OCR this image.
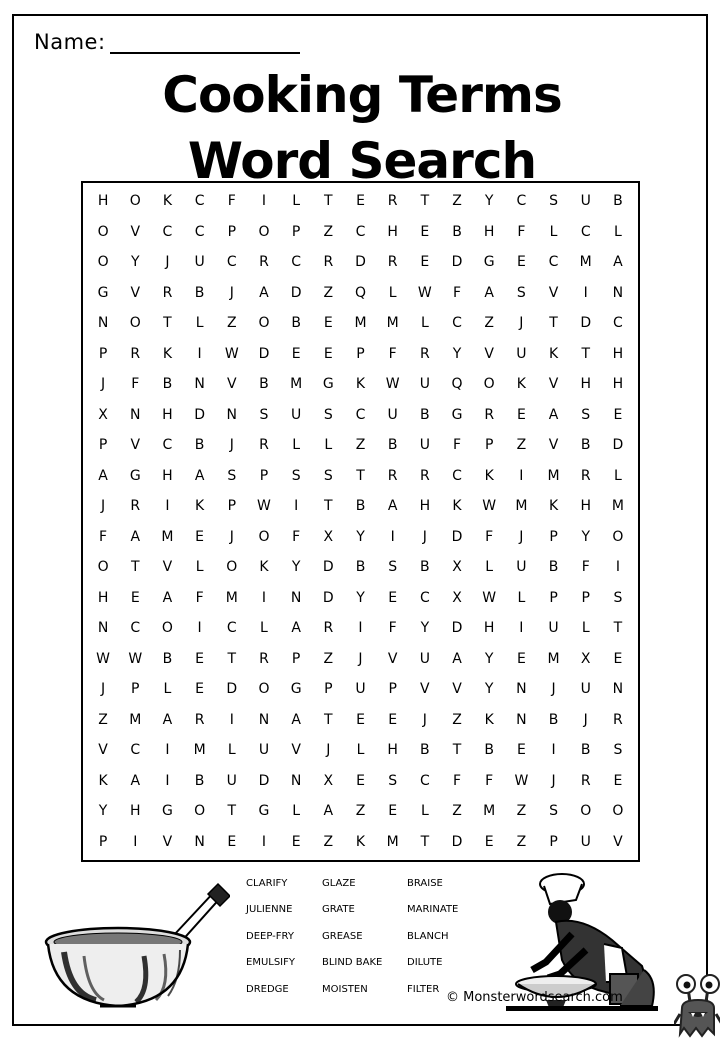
Name:
Cooking Terms Word Search
H	O	K	C	F	I	L	T	E	R	T	Z	Y	C	S	U	B
O	V	C	C	P	O	P	Z	C	H	E	B	H	F	L	C	L
O	Y	J	U	C	R	C	R	D	R	E	D	G	E	C	M	A
G	V	R	B	J	A	D	Z	Q	L	W	F	A	S	V	I	N
N	O	T	L	Z	O	B	E	M	M	L	C	Z	J	T	D	C
P	R	K	I	W	D	E	E	P	F	R	Y	V	U	K	T	H
J	F	B	N	V	B	M	G	K	W	U	Q	O	K	V	H	H
X	N	H	D	N	S	U	S	C	U	B	G	R	E	A	S	E
P	V	C	B	J	R	L	L	Z	B	U	F	P	Z	V	B	D
A	G	H	A	S	P	S	S	T	R	R	C	K	I	M	R	L
J	R	I	K	P	W	I	T	B	A	H	K	W	M	K	H	M
F	A	M	E	J	O	F	X	Y	I	J	D	F	J	P	Y	O
O	T	V	L	O	K	Y	D	B	S	B	X	L	U	B	F	I
H	E	A	F	M	I	N	D	Y	E	C	X	W	L	P	P	S
N	C	O	I	C	L	A	R	I	F	Y	D	H	I	U	L	T
W	W	B	E	T	R	P	Z	J	V	U	A	Y	E	M	X	E
J	P	L	E	D	O	G	P	U	P	V	V	Y	N	J	U	N
Z	M	A	R	I	N	A	T	E	E	J	Z	K	N	B	J	R
V	C	I	M	L	U	V	J	L	H	B	T	B	E	I	B	S
K	A	I	B	U	D	N	X	E	S	C	F	F	W	J	R	E
Y	H	G	O	T	G	L	A	Z	E	L	Z	M	Z	S	O	O
P	I	V	N	E	I	E	Z	K	M	T	D	E	Z	P	U	V
CLARIFY	GLAZE	BRAISE
JULIENNE	GRATE	MARINATE
DEEP-FRY	GREASE	BLANCH
EMULSIFY	BLIND BAKE	DILUTE
DREDGE	MOISTEN	FILTER
© Monsterwordsearch.com
